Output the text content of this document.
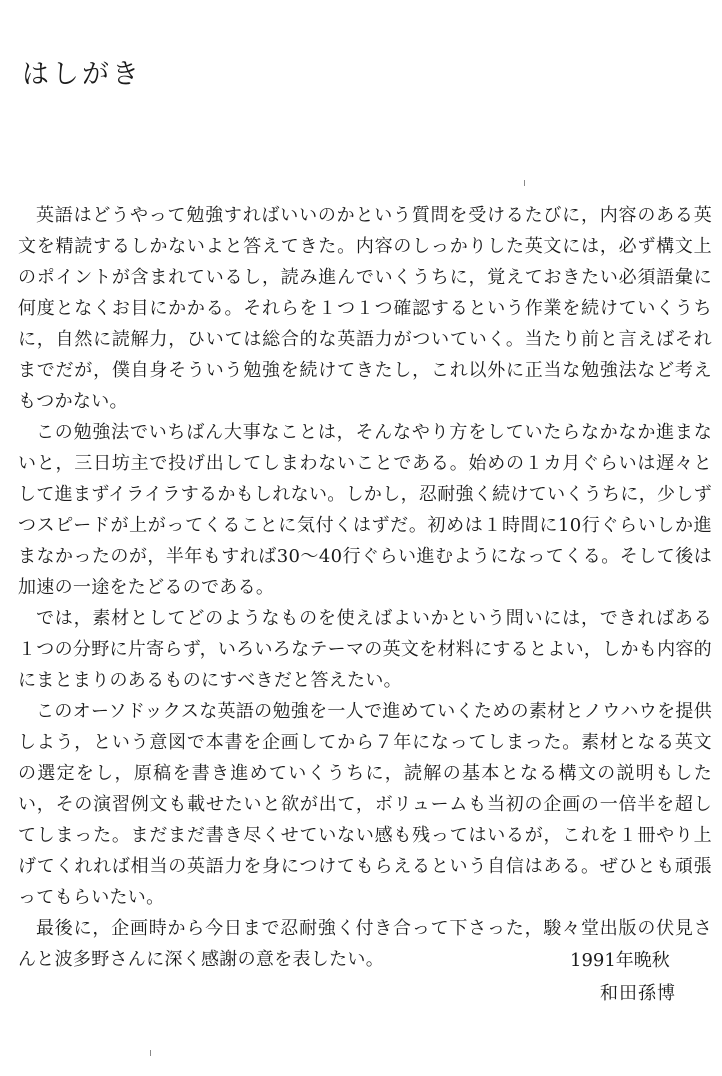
はしがき

英語はどうやって勉強すればいいのかという質問を受けるたびに，内容のある英文を精読するしかないよと答えてきた。内容のしっかりした英文には，必ず構文上のポイントが含まれているし，読み進んでいくうちに，覚えておきたい必須語彙に何度となくお目にかかる。それらを１つ１つ確認するという作業を続けていくうちに，自然に読解力，ひいては総合的な英語力がついていく。当たり前と言えばそれまでだが，僕自身そういう勉強を続けてきたし，これ以外に正当な勉強法など考えもつかない。

この勉強法でいちばん大事なことは，そんなやり方をしていたらなかなか進まないと，三日坊主で投げ出してしまわないことである。始めの１カ月ぐらいは遅々として進まずイライラするかもしれない。しかし，忍耐強く続けていくうちに，少しずつスピードが上がってくることに気付くはずだ。初めは１時間に10行ぐらいしか進まなかったのが，半年もすれば30〜40行ぐらい進むようになってくる。そして後は加速の一途をたどるのである。

では，素材としてどのようなものを使えばよいかという問いには，できればある１つの分野に片寄らず，いろいろなテーマの英文を材料にするとよい，しかも内容的にまとまりのあるものにすべきだと答えたい。

このオーソドックスな英語の勉強を一人で進めていくための素材とノウハウを提供しよう，という意図で本書を企画してから７年になってしまった。素材となる英文の選定をし，原稿を書き進めていくうちに，読解の基本となる構文の説明もしたい，その演習例文も載せたいと欲が出て，ボリュームも当初の企画の一倍半を超してしまった。まだまだ書き尽くせていない感も残ってはいるが，これを１冊やり上げてくれれば相当の英語力を身につけてもらえるという自信はある。ぜひとも頑張ってもらいたい。

最後に，企画時から今日まで忍耐強く付き合って下さった，駿々堂出版の伏見さんと波多野さんに深く感謝の意を表したい。	1991年晩秋
和田孫博
